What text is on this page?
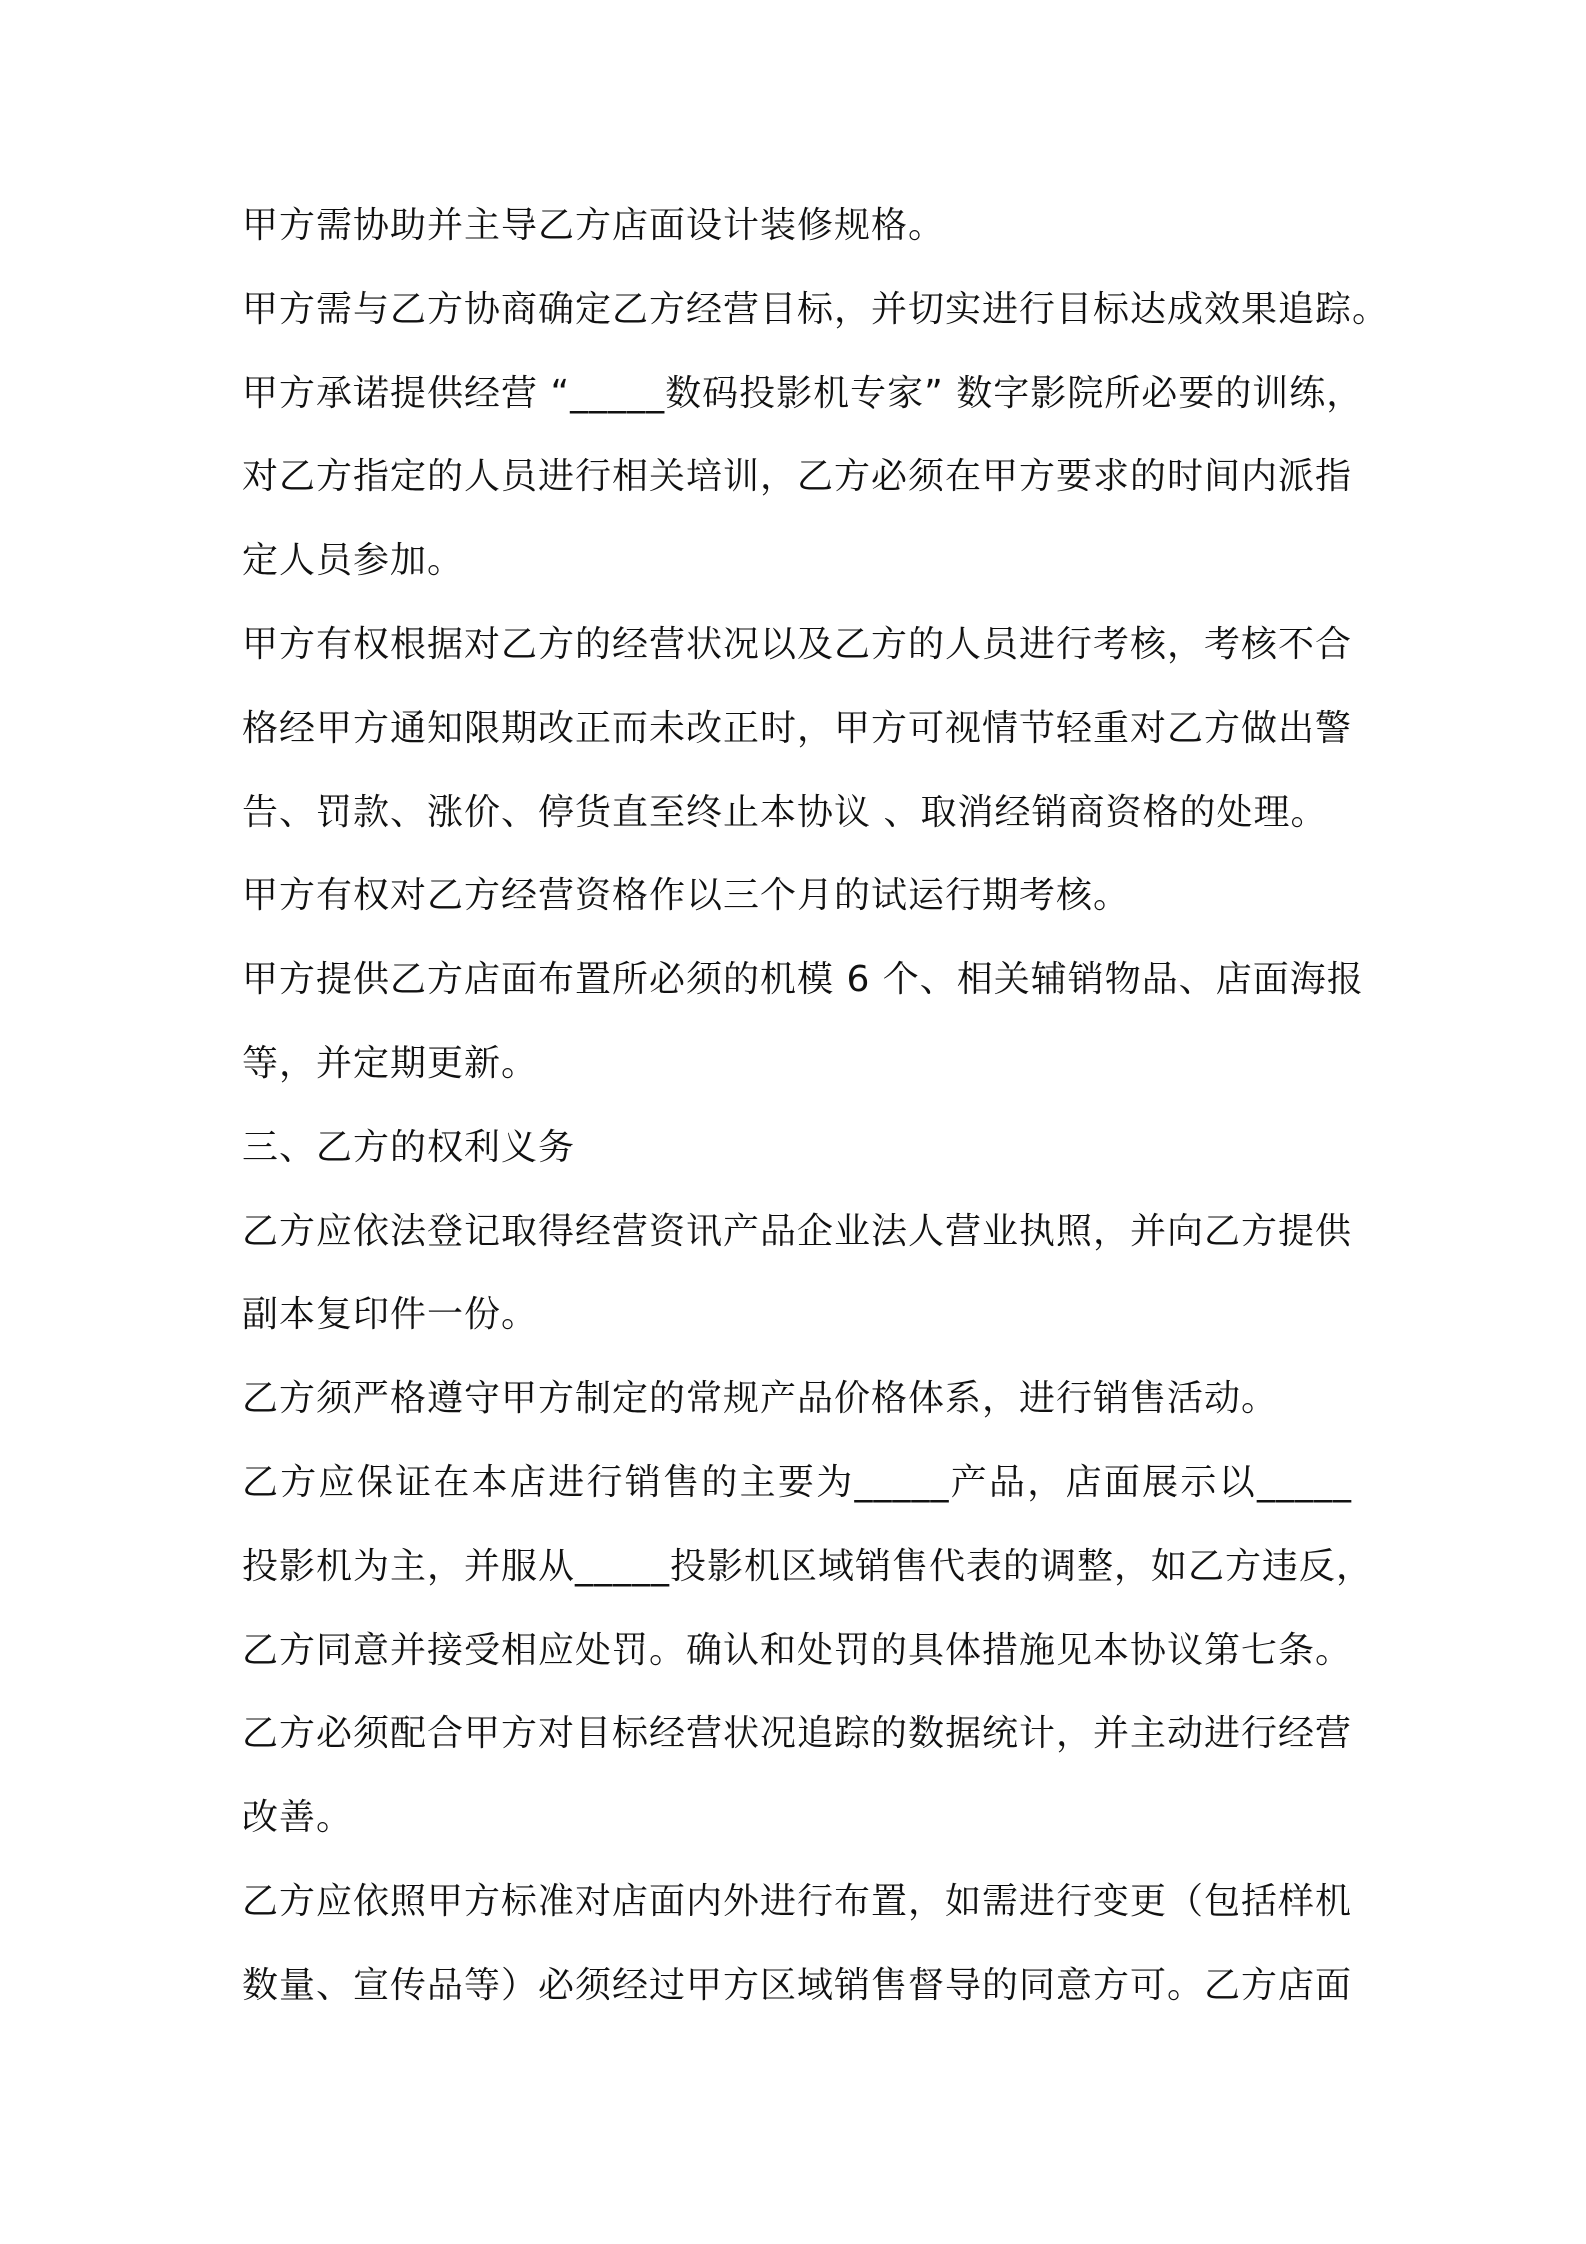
甲方需协助并主导乙方店面设计装修规格。
甲方需与乙方协商确定乙方经营目标，并切实进行目标达成效果追踪。
甲方承诺提供经营 “_____数码投影机专家” 数字影院所必要的训练，
对乙方指定的人员进行相关培训，乙方必须在甲方要求的时间内派指
定人员参加。
甲方有权根据对乙方的经营状况以及乙方的人员进行考核，考核不合
格经甲方通知限期改正而未改正时，甲方可视情节轻重对乙方做出警
告、罚款、涨价、停货直至终止本协议 、取消经销商资格的处理。
甲方有权对乙方经营资格作以三个月的试运行期考核。
甲方提供乙方店面布置所必须的机模 6 个、相关辅销物品、店面海报
等，并定期更新。
三、乙方的权利义务
乙方应依法登记取得经营资讯产品企业法人营业执照，并向乙方提供
副本复印件一份。
乙方须严格遵守甲方制定的常规产品价格体系，进行销售活动。
乙方应保证在本店进行销售的主要为_____产品，店面展示以_____
投影机为主，并服从_____投影机区域销售代表的调整，如乙方违反，
乙方同意并接受相应处罚。确认和处罚的具体措施见本协议第七条。
乙方必须配合甲方对目标经营状况追踪的数据统计，并主动进行经营
改善。
乙方应依照甲方标准对店面内外进行布置，如需进行变更（包括样机
数量、宣传品等）必须经过甲方区域销售督导的同意方可。乙方店面
